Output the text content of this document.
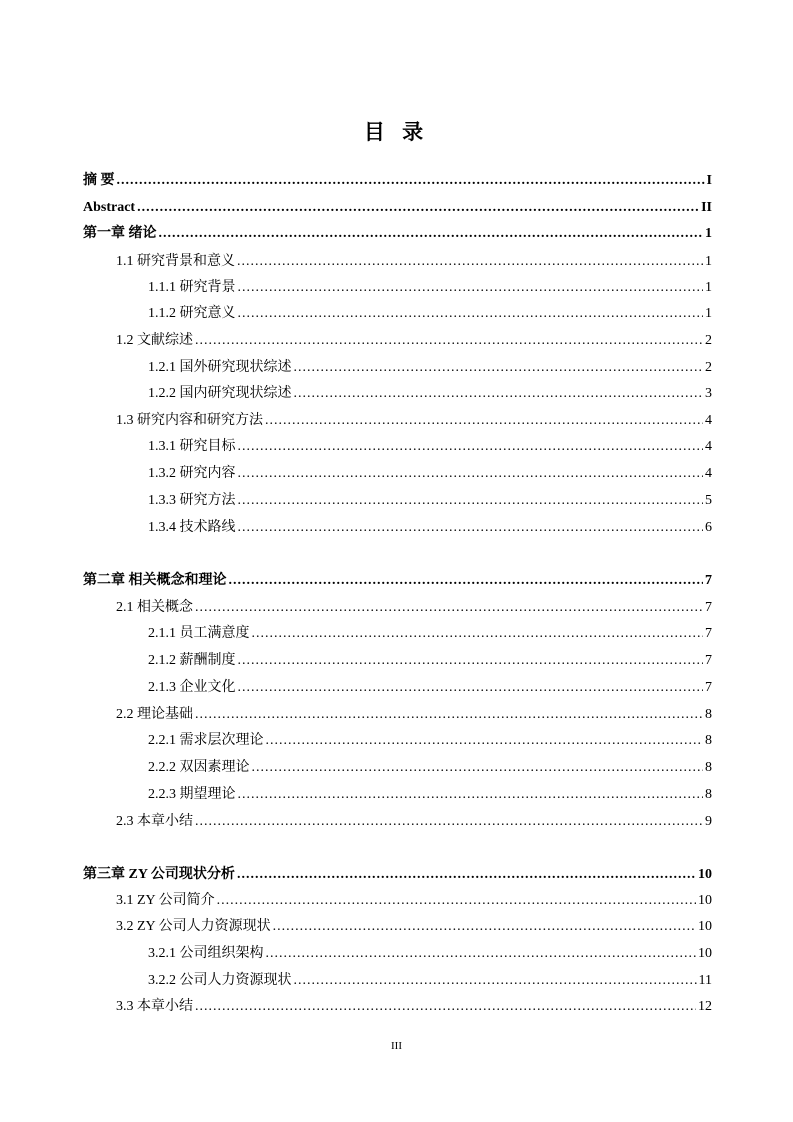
目 录
摘 要 .....	I
Abstract .....	II
第一章 绪论 .....	1
1.1 研究背景和意义 .....	1
1.1.1 研究背景 .....	1
1.1.2 研究意义 .....	1
1.2 文献综述 .....	2
1.2.1 国外研究现状综述 .....	2
1.2.2 国内研究现状综述 .....	3
1.3 研究内容和研究方法 .....	4
1.3.1 研究目标 .....	4
1.3.2 研究内容 .....	4
1.3.3 研究方法 .....	5
1.3.4 技术路线 .....	6
第二章 相关概念和理论 .....	7
2.1 相关概念 .....	7
2.1.1 员工满意度 .....	7
2.1.2 薪酬制度 .....	7
2.1.3 企业文化 .....	7
2.2 理论基础 .....	8
2.2.1 需求层次理论 .....	8
2.2.2 双因素理论 .....	8
2.2.3 期望理论 .....	8
2.3 本章小结 .....	9
第三章 ZY 公司现状分析 .....	10
3.1 ZY 公司简介 .....	10
3.2 ZY 公司人力资源现状 .....	10
3.2.1 公司组织架构 .....	10
3.2.2 公司人力资源现状 .....	11
3.3 本章小结 .....	12
III
